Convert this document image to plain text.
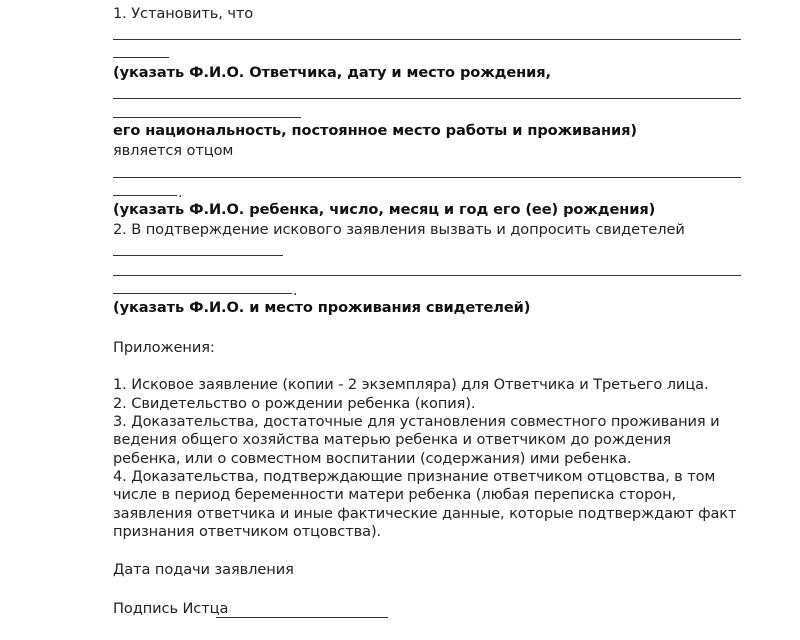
1. Установить, что
(указать Ф.И.О. Ответчика, дату и место рождения,
его национальность, постоянное место работы и проживания)
является отцом
.
(указать Ф.И.О. ребенка, число, месяц и год его (ее) рождения)
2. В подтверждение искового заявления вызвать и допросить свидетелей
.
(указать Ф.И.О. и место проживания свидетелей)
Приложения:
1. Исковое заявление (копии - 2 экземпляра) для Ответчика и Третьего лица.
2. Свидетельство о рождении ребенка (копия).
3. Доказательства, достаточные для установления совместного проживания и
ведения общего хозяйства матерью ребенка и ответчиком до рождения
ребенка, или о совместном воспитании (содержания) ими ребенка.
4. Доказательства, подтверждающие признание ответчиком отцовства, в том
числе в период беременности матери ребенка (любая переписка сторон,
заявления ответчика и иные фактические данные, которые подтверждают факт
признания ответчиком отцовства).
Дата подачи заявления
Подпись Истца
